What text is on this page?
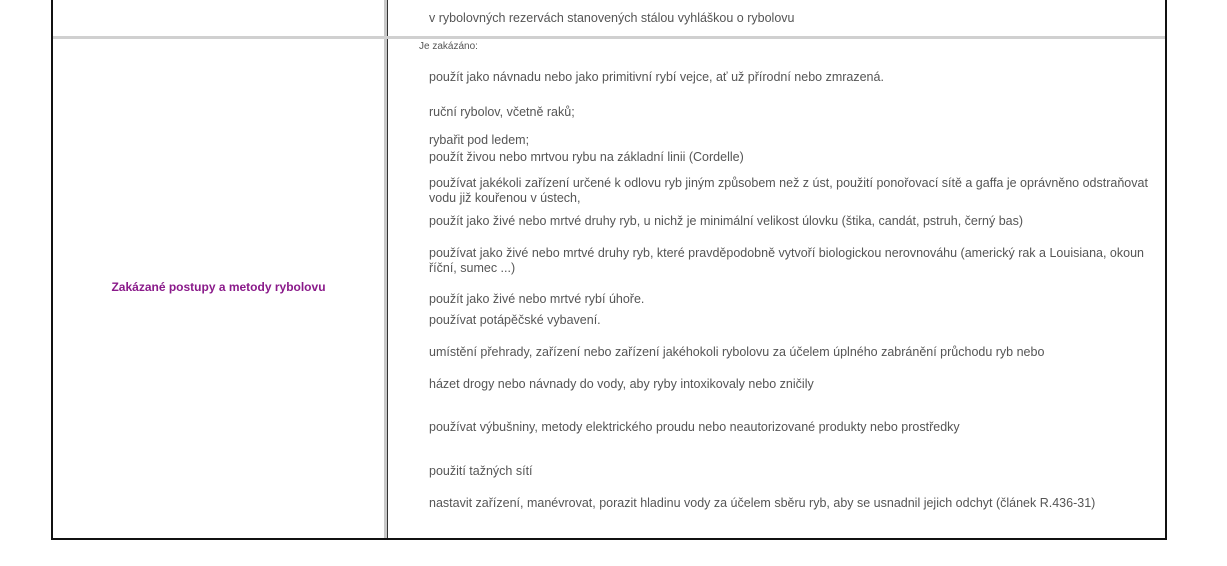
v rybolovných rezervách stanovených stálou vyhláškou o rybolovu
Zakázané postupy a metody rybolovu
Je zakázáno:
použít jako návnadu nebo jako primitivní rybí vejce, ať už přírodní nebo zmrazená.
ruční rybolov, včetně raků;
rybařit pod ledem;
použít živou nebo mrtvou rybu na základní linii (Cordelle)
používat jakékoli zařízení určené k odlovu ryb jiným způsobem než z úst, použití ponořovací sítě a gaffa je oprávněno odstraňovat vodu již kouřenou v ústech,
použít jako živé nebo mrtvé druhy ryb, u nichž je minimální velikost úlovku (štika, candát, pstruh, černý bas)
používat jako živé nebo mrtvé druhy ryb, které pravděpodobně vytvoří biologickou nerovnováhu (americký rak a Louisiana, okoun říční, sumec ...)
použít jako živé nebo mrtvé rybí úhoře.
používat potápěčské vybavení.
umístění přehrady, zařízení nebo zařízení jakéhokoli rybolovu za účelem úplného zabránění průchodu ryb nebo
házet drogy nebo návnady do vody, aby ryby intoxikovaly nebo zničily
používat výbušniny, metody elektrického proudu nebo neautorizované produkty nebo prostředky
použití tažných sítí
nastavit zařízení, manévrovat, porazit hladinu vody za účelem sběru ryb, aby se usnadnil jejich odchyt (článek R.436-31)
